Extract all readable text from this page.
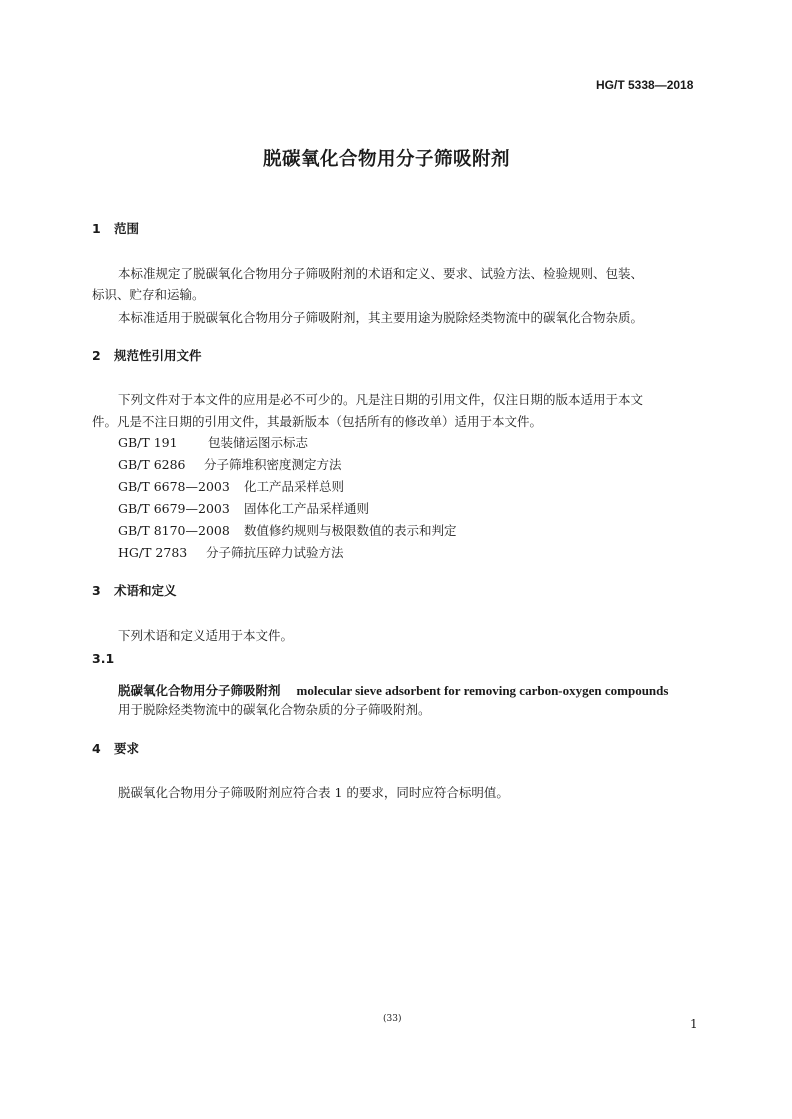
HG/T 5338—2018
脱碳氧化合物用分子筛吸附剂
1 范围
本标准规定了脱碳氧化合物用分子筛吸附剂的术语和定义、要求、试验方法、检验规则、包装、
标识、贮存和运输。
本标准适用于脱碳氧化合物用分子筛吸附剂，其主要用途为脱除烃类物流中的碳氧化合物杂质。
2 规范性引用文件
下列文件对于本文件的应用是必不可少的。凡是注日期的引用文件，仅注日期的版本适用于本文
件。凡是不注日期的引用文件，其最新版本（包括所有的修改单）适用于本文件。
GB/T 191 包装储运图示标志
GB/T 6286 分子筛堆积密度测定方法
GB/T 6678—2003 化工产品采样总则
GB/T 6679—2003 固体化工产品采样通则
GB/T 8170—2008 数值修约规则与极限数值的表示和判定
HG/T 2783 分子筛抗压碎力试验方法
3 术语和定义
下列术语和定义适用于本文件。
3.1
脱碳氧化合物用分子筛吸附剂 molecular sieve adsorbent for removing carbon-oxygen compounds
用于脱除烃类物流中的碳氧化合物杂质的分子筛吸附剂。
4 要求
脱碳氧化合物用分子筛吸附剂应符合表 1 的要求，同时应符合标明值。
(33)	1
